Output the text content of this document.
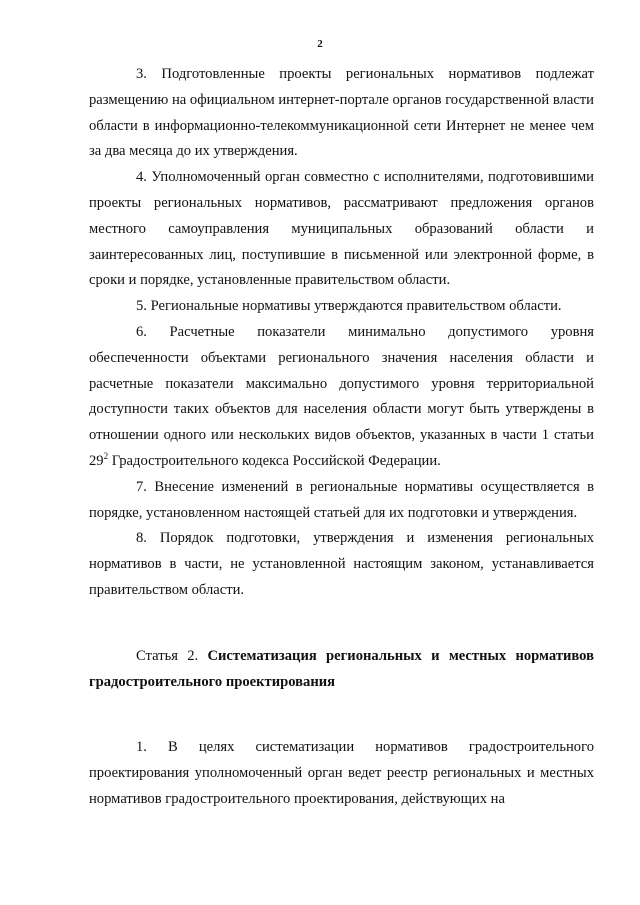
2

3. Подготовленные проекты региональных нормативов подлежат размещению на официальном интернет-портале органов государственной власти области в информационно-телекоммуникационной сети Интернет не менее чем за два месяца до их утверждения.

4. Уполномоченный орган совместно с исполнителями, подготовившими проекты региональных нормативов, рассматривают предложения органов местного самоуправления муниципальных образований области и заинтересованных лиц, поступившие в письменной или электронной форме, в сроки и порядке, установленные правительством области.

5. Региональные нормативы утверждаются правительством области.

6. Расчетные показатели минимально допустимого уровня обеспеченности объектами регионального значения населения области и расчетные показатели максимально допустимого уровня территориальной доступности таких объектов для населения области могут быть утверждены в отношении одного или нескольких видов объектов, указанных в части 1 статьи $29^2$ Градостроительного кодекса Российской Федерации.

7. Внесение изменений в региональные нормативы осуществляется в порядке, установленном настоящей статьей для их подготовки и утверждения.

8. Порядок подготовки, утверждения и изменения региональных нормативов в части, не установленной настоящим законом, устанавливается правительством области.

Статья 2. Систематизация региональных и местных нормативов градостроительного проектирования

1. В целях систематизации нормативов градостроительного проектирования уполномоченный орган ведет реестр региональных и местных нормативов градостроительного проектирования, действующих на
